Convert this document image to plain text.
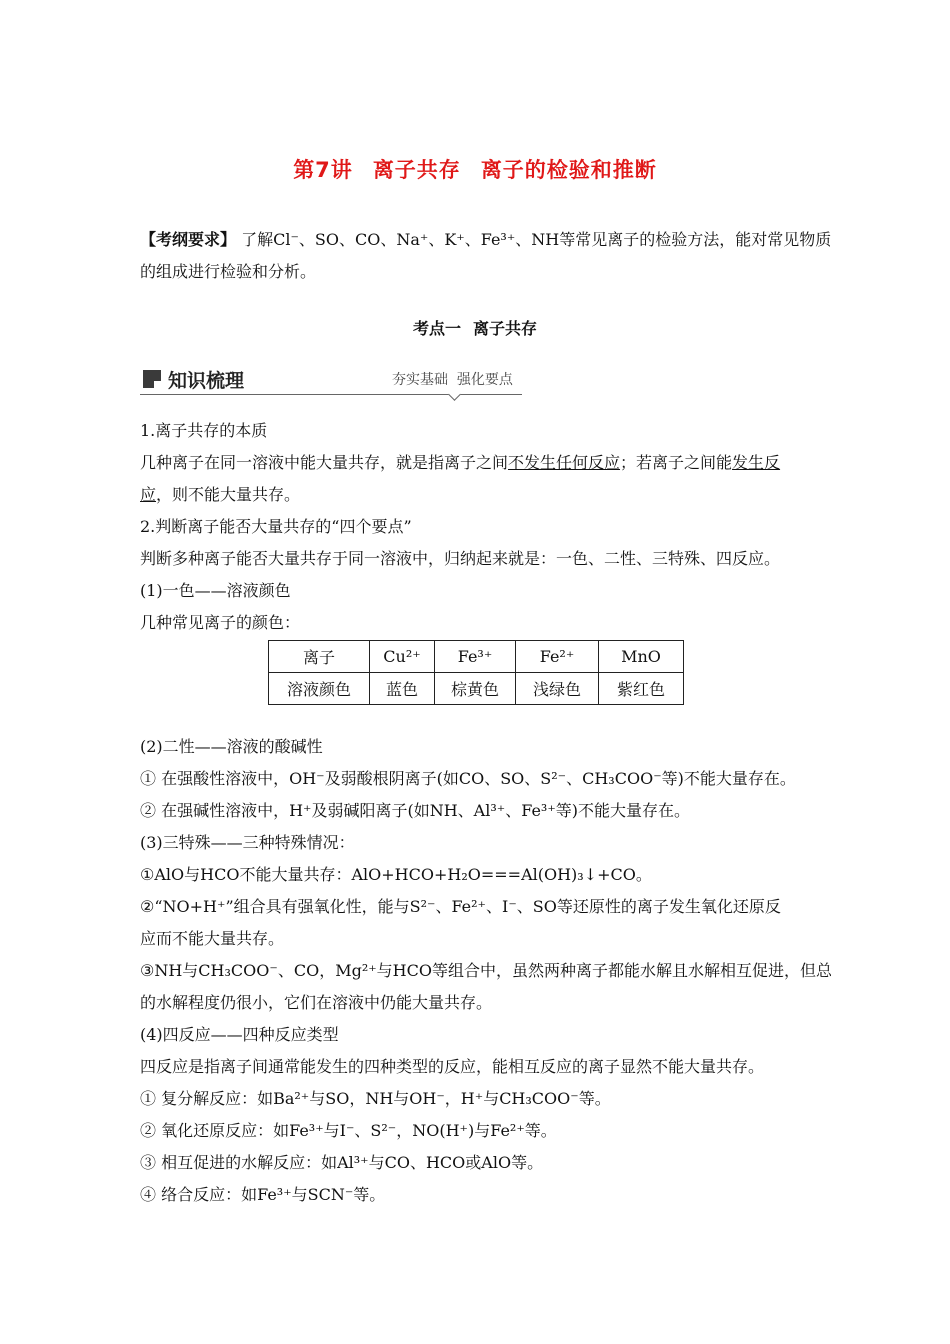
第7讲 离子共存 离子的检验和推断
【考纲要求】 了解Cl⁻、SO、CO、Na⁺、K⁺、Fe³⁺、NH等常见离子的检验方法，能对常见物质
的组成进行检验和分析。
考点一 离子共存
知识梳理	夯实基础 强化要点
1.离子共存的本质
几种离子在同一溶液中能大量共存，就是指离子之间不发生任何反应；若离子之间能发生反
应，则不能大量共存。
2.判断离子能否大量共存的“四个要点”
判断多种离子能否大量共存于同一溶液中，归纳起来就是：一色、二性、三特殊、四反应。
(1)一色——溶液颜色
几种常见离子的颜色：
离子	Cu²⁺	Fe³⁺	Fe²⁺	MnO
溶液颜色	蓝色	棕黄色	浅绿色	紫红色
(2)二性——溶液的酸碱性
① 在强酸性溶液中，OH⁻及弱酸根阴离子(如CO、SO、S²⁻、CH₃COO⁻等)不能大量存在。
② 在强碱性溶液中，H⁺及弱碱阳离子(如NH、Al³⁺、Fe³⁺等)不能大量存在。
(3)三特殊——三种特殊情况：
①AlO与HCO不能大量共存：AlO+HCO+H₂O===Al(OH)₃↓+CO。
②“NO+H⁺”组合具有强氧化性，能与S²⁻、Fe²⁺、I⁻、SO等还原性的离子发生氧化还原反
应而不能大量共存。
③NH与CH₃COO⁻、CO，Mg²⁺与HCO等组合中，虽然两种离子都能水解且水解相互促进，但总
的水解程度仍很小，它们在溶液中仍能大量共存。
(4)四反应——四种反应类型
四反应是指离子间通常能发生的四种类型的反应，能相互反应的离子显然不能大量共存。
① 复分解反应：如Ba²⁺与SO，NH与OH⁻，H⁺与CH₃COO⁻等。
② 氧化还原反应：如Fe³⁺与I⁻、S²⁻，NO(H⁺)与Fe²⁺等。
③ 相互促进的水解反应：如Al³⁺与CO、HCO或AlO等。
④ 络合反应：如Fe³⁺与SCN⁻等。
